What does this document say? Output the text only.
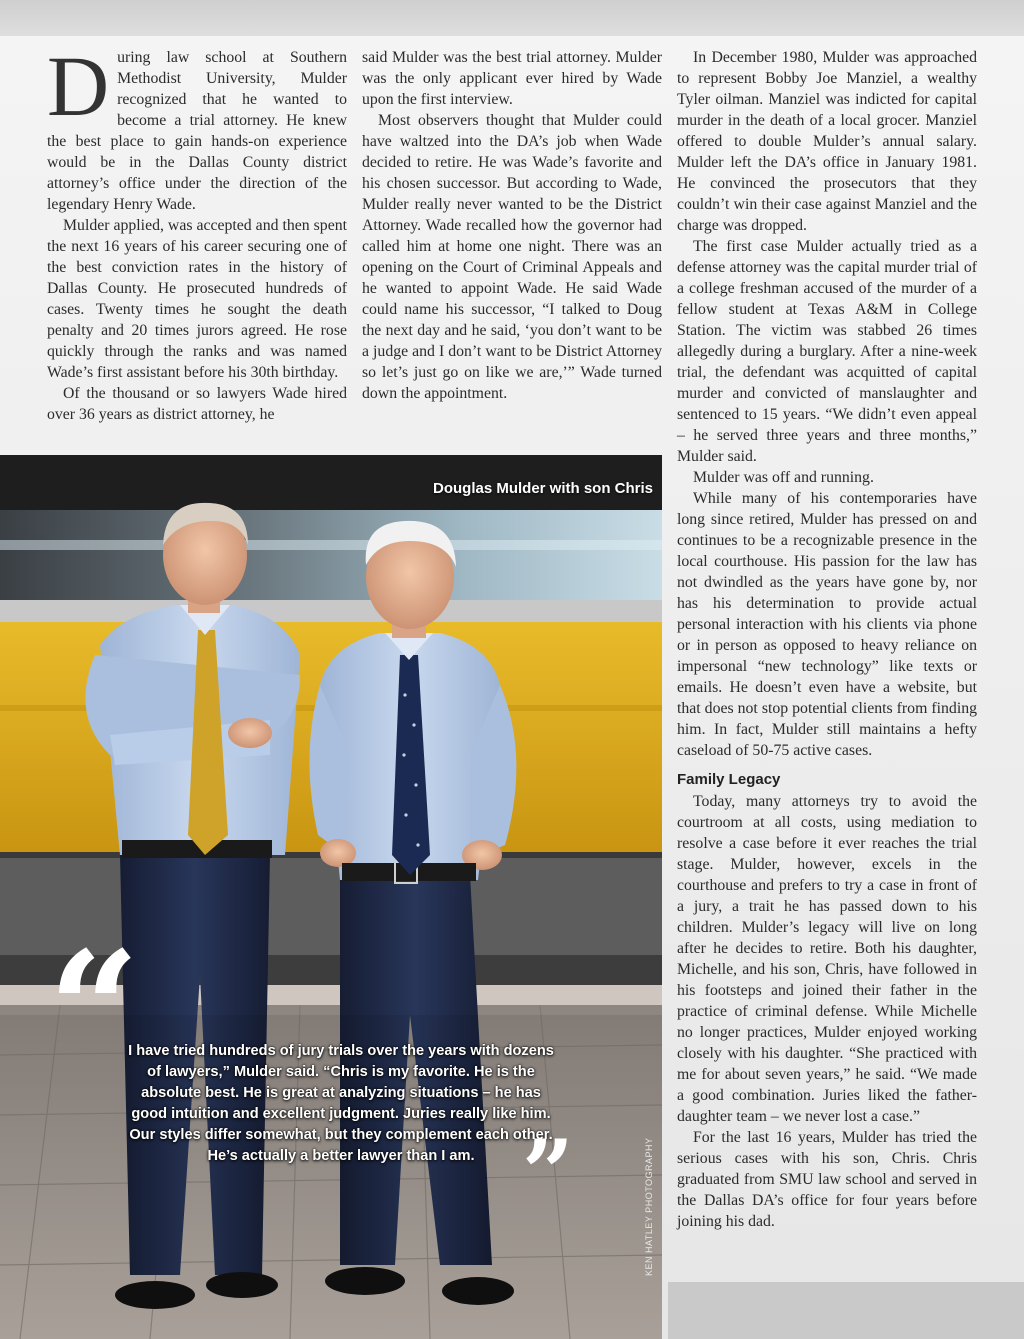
During law school at Southern Methodist University, Mulder recognized that he wanted to become a trial attorney. He knew the best place to gain hands-on experience would be in the Dallas County district attorney’s office under the direction of the legendary Henry Wade.

Mulder applied, was accepted and then spent the next 16 years of his career securing one of the best conviction rates in the history of Dallas County. He prosecuted hundreds of cases. Twenty times he sought the death penalty and 20 times jurors agreed. He rose quickly through the ranks and was named Wade’s first assistant before his 30th birthday.

Of the thousand or so lawyers Wade hired over 36 years as district attorney, he

said Mulder was the best trial attorney. Mulder was the only applicant ever hired by Wade upon the first interview.

Most observers thought that Mulder could have waltzed into the DA’s job when Wade decided to retire. He was Wade’s favorite and his chosen successor. But according to Wade, Mulder really never wanted to be the District Attorney. Wade recalled how the governor had called him at home one night. There was an opening on the Court of Criminal Appeals and he wanted to appoint Wade. He said Wade could name his successor, “I talked to Doug the next day and he said, ‘you don’t want to be a judge and I don’t want to be District Attorney so let’s just go on like we are,’” Wade turned down the appointment.

In December 1980, Mulder was approached to represent Bobby Joe Manziel, a wealthy Tyler oilman. Manziel was indicted for capital murder in the death of a local grocer. Manziel offered to double Mulder’s annual salary. Mulder left the DA’s office in January 1981. He convinced the prosecutors that they couldn’t win their case against Manziel and the charge was dropped.

The first case Mulder actually tried as a defense attorney was the capital murder trial of a college freshman accused of the murder of a fellow student at Texas A&M in College Station. The victim was stabbed 26 times allegedly during a burglary. After a nine-week trial, the defendant was acquitted of capital murder and convicted of manslaughter and sentenced to 15 years. “We didn’t even appeal – he served three years and three months,” Mulder said.

Mulder was off and running.

While many of his contemporaries have long since retired, Mulder has pressed on and continues to be a recognizable presence in the local courthouse. His passion for the law has not dwindled as the years have gone by, nor has his determination to provide actual personal interaction with his clients via phone or in person as opposed to heavy reliance on impersonal “new technology” like texts or emails. He doesn’t even have a website, but that does not stop potential clients from finding him. In fact, Mulder still maintains a hefty caseload of 50-75 active cases.

Family Legacy

Today, many attorneys try to avoid the courtroom at all costs, using mediation to resolve a case before it ever reaches the trial stage. Mulder, however, excels in the courthouse and prefers to try a case in front of a jury, a trait he has passed down to his children. Mulder’s legacy will live on long after he decides to retire. Both his daughter, Michelle, and his son, Chris, have followed in his footsteps and joined their father in the practice of criminal defense. While Michelle no longer practices, Mulder enjoyed working closely with his daughter. “She practiced with me for about seven years,” he said. “We made a good combination. Juries liked the father-daughter team – we never lost a case.”

For the last 16 years, Mulder has tried the serious cases with his son, Chris. Chris graduated from SMU law school and served in the Dallas DA’s office for four years before joining his dad.

Douglas Mulder with son Chris
“
I have tried hundreds of jury trials over the years with dozens of lawyers,” Mulder said. “Chris is my favorite. He is the absolute best. He is great at analyzing situations – he has good intuition and excellent judgment. Juries really like him. Our styles differ somewhat, but they complement each other. He’s actually a better lawyer than I am. ”	KEN HATLEY PHOTOGRAPHY
